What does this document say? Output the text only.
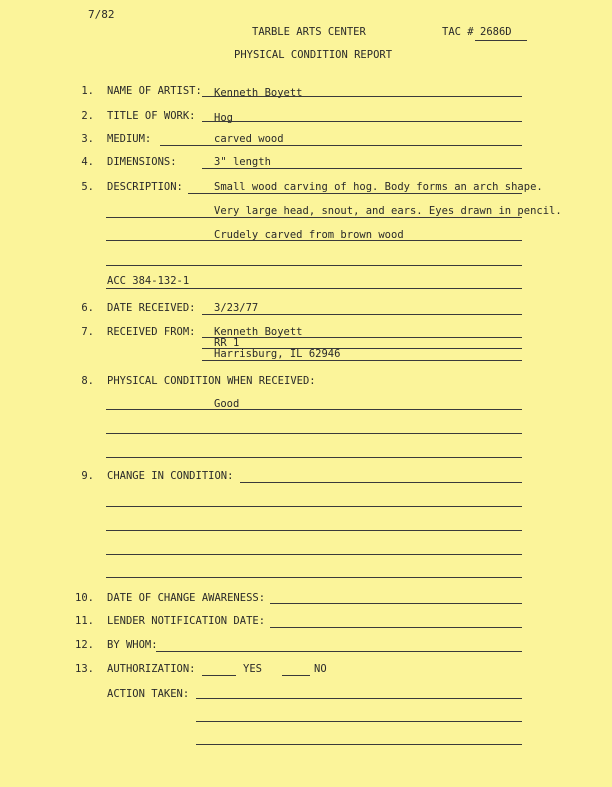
7/82
TARBLE ARTS CENTER	TAC # 2686D
PHYSICAL CONDITION REPORT
1. NAME OF ARTIST: Kenneth Boyett
2. TITLE OF WORK: Hog
3. MEDIUM:	carved wood
4. DIMENSIONS:	3" length
5. DESCRIPTION:	Small wood carving of hog. Body forms an arch shape.
Very large head, snout, and ears. Eyes drawn in pencil.
Crudely carved from brown wood
ACC 384-132-1
6. DATE RECEIVED: 3/23/77
7. RECEIVED FROM: Kenneth Boyett
RR 1
Harrisburg, IL 62946
8. PHYSICAL CONDITION WHEN RECEIVED:
Good
9. CHANGE IN CONDITION:
10. DATE OF CHANGE AWARENESS:
11. LENDER NOTIFICATION DATE:
12. BY WHOM:
13. AUTHORIZATION:	YES	NO
ACTION TAKEN:
